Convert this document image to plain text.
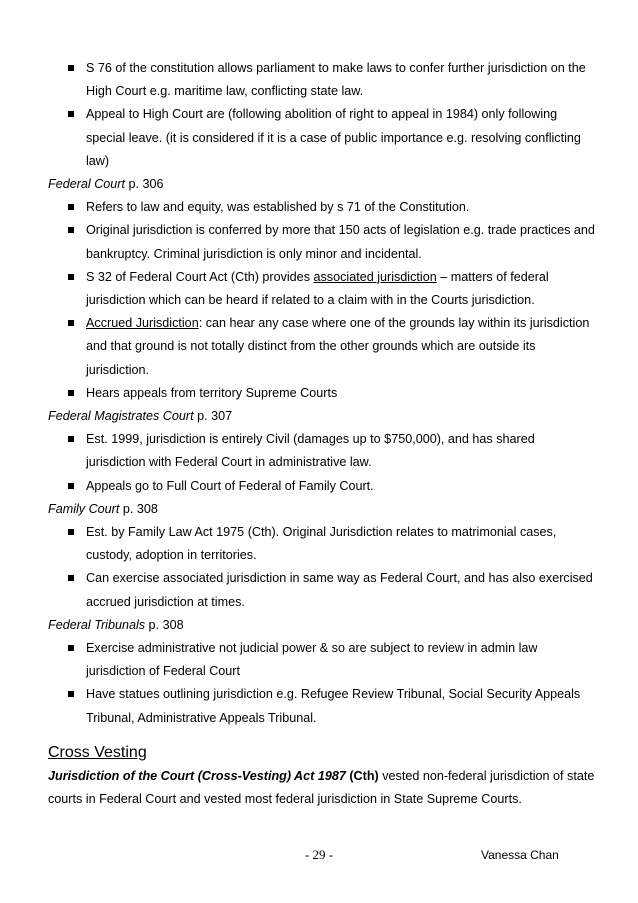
S 76 of the constitution allows parliament to make laws to confer further jurisdiction on the High Court e.g. maritime law, conflicting state law.

Appeal to High Court are (following abolition of right to appeal in 1984) only following special leave. (it is considered if it is a case of public importance e.g. resolving conflicting law)

Federal Court p. 306

Refers to law and equity, was established by s 71 of the Constitution.

Original jurisdiction is conferred by more that 150 acts of legislation e.g. trade practices and bankruptcy. Criminal jurisdiction is only minor and incidental.

S 32 of Federal Court Act (Cth) provides associated jurisdiction – matters of federal jurisdiction which can be heard if related to a claim with in the Courts jurisdiction.

Accrued Jurisdiction: can hear any case where one of the grounds lay within its jurisdiction and that ground is not totally distinct from the other grounds which are outside its jurisdiction.

Hears appeals from territory Supreme Courts

Federal Magistrates Court p. 307

Est. 1999, jurisdiction is entirely Civil (damages up to $750,000), and has shared jurisdiction with Federal Court in administrative law.

Appeals go to Full Court of Federal of Family Court.

Family Court p. 308

Est. by Family Law Act 1975 (Cth). Original Jurisdiction relates to matrimonial cases, custody, adoption in territories.

Can exercise associated jurisdiction in same way as Federal Court, and has also exercised accrued jurisdiction at times.

Federal Tribunals p. 308

Exercise administrative not judicial power & so are subject to review in admin law jurisdiction of Federal Court

Have statues outlining jurisdiction e.g. Refugee Review Tribunal, Social Security Appeals Tribunal, Administrative Appeals Tribunal.

Cross Vesting

Jurisdiction of the Court (Cross-Vesting) Act 1987 (Cth) vested non-federal jurisdiction of state courts in Federal Court and vested most federal jurisdiction in State Supreme Courts.

- 29 -	Vanessa Chan
